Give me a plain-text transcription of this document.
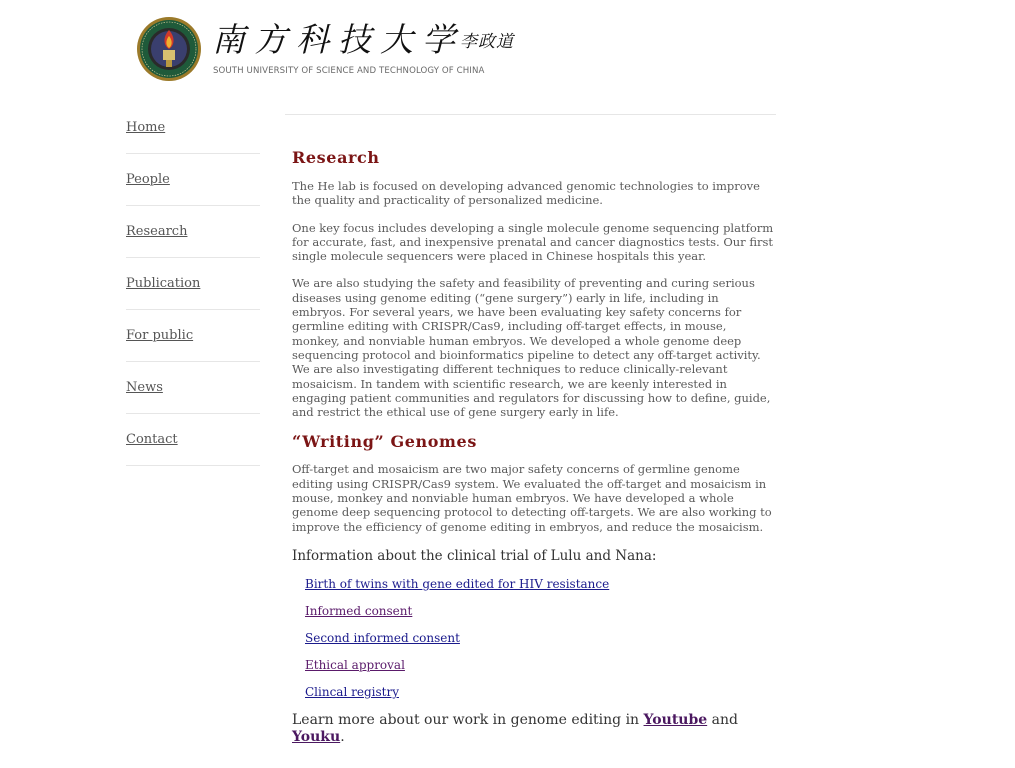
南方科技大学李政道
SOUTH UNIVERSITY OF SCIENCE AND TECHNOLOGY OF CHINA
Home
People
Research
Publication
For public
News
Contact
Research

The He lab is focused on developing advanced genomic technologies to improve the quality and practicality of personalized medicine.

One key focus includes developing a single molecule genome sequencing platform for accurate, fast, and inexpensive prenatal and cancer diagnostics tests. Our first single molecule sequencers were placed in Chinese hospitals this year.

We are also studying the safety and feasibility of preventing and curing serious diseases using genome editing (“gene surgery”) early in life, including in embryos. For several years, we have been evaluating key safety concerns for germline editing with CRISPR/Cas9, including off-target effects, in mouse, monkey, and nonviable human embryos. We developed a whole genome deep sequencing protocol and bioinformatics pipeline to detect any off-target activity. We are also investigating different techniques to reduce clinically-relevant mosaicism. In tandem with scientific research, we are keenly interested in engaging patient communities and regulators for discussing how to define, guide, and restrict the ethical use of gene surgery early in life.

“Writing” Genomes

Off-target and mosaicism are two major safety concerns of germline genome editing using CRISPR/Cas9 system. We evaluated the off-target and mosaicism in mouse, monkey and nonviable human embryos. We have developed a whole genome deep sequencing protocol to detecting off-targets. We are also working to improve the efficiency of genome editing in embryos, and reduce the mosaicism.

Information about the clinical trial of Lulu and Nana:

Birth of twins with gene edited for HIV resistance
Informed consent
Second informed consent
Ethical approval
Clincal registry

Learn more about our work in genome editing in Youtube and
Youku.
